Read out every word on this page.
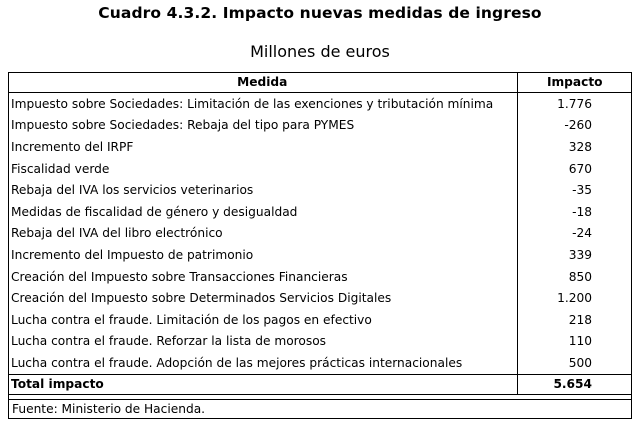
Cuadro 4.3.2. Impacto nuevas medidas de ingreso
Millones de euros
Medida	Impacto
Impuesto sobre Sociedades: Limitación de las exenciones y tributación mínima	1.776
Impuesto sobre Sociedades: Rebaja del tipo para PYMES	-260
Incremento del IRPF	328
Fiscalidad verde	670
Rebaja del IVA los servicios veterinarios	-35
Medidas de fiscalidad de género y desigualdad	-18
Rebaja del IVA del libro electrónico	-24
Incremento del Impuesto de patrimonio	339
Creación del Impuesto sobre Transacciones Financieras	850
Creación del Impuesto sobre Determinados Servicios Digitales	1.200
Lucha contra el fraude. Limitación de los pagos en efectivo	218
Lucha contra el fraude. Reforzar la lista de morosos	110
Lucha contra el fraude. Adopción de las mejores prácticas internacionales	500
Total impacto	5.654
Fuente: Ministerio de Hacienda.
